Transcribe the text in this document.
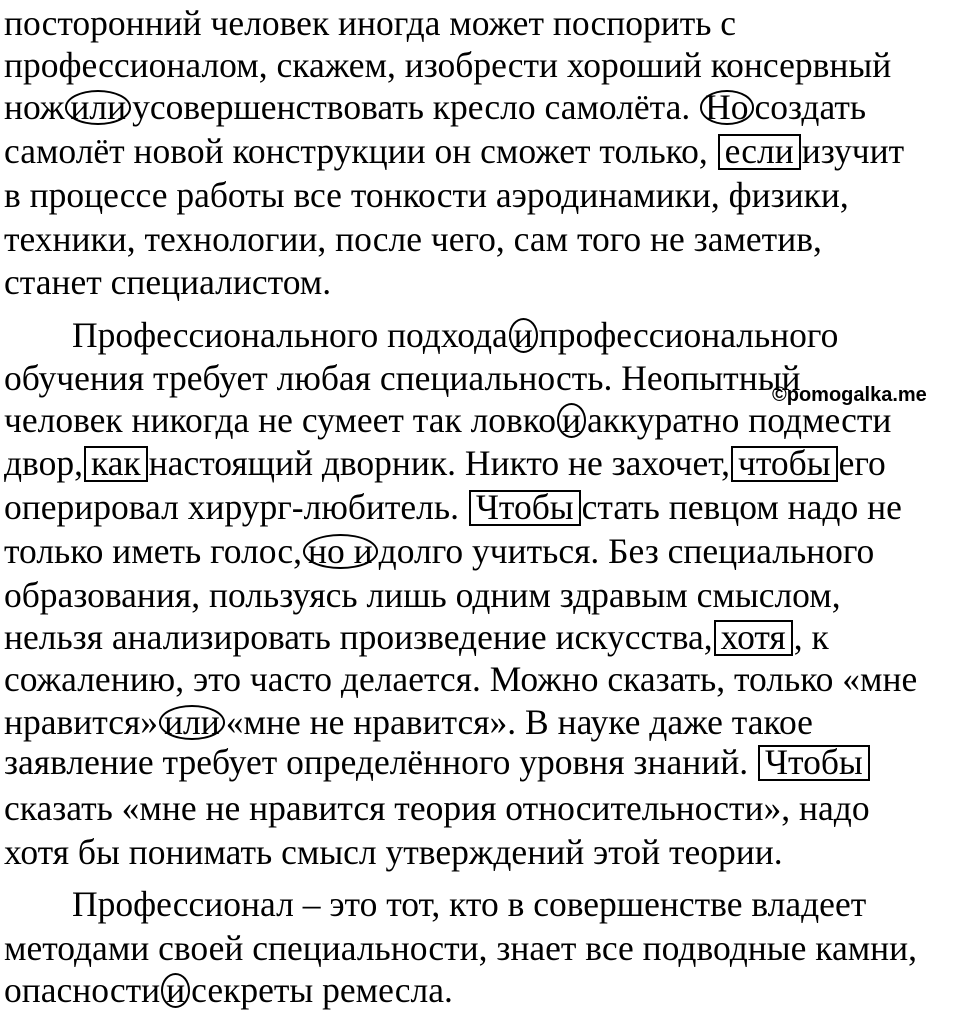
посторонний человек иногда может поспорить с
профессионалом, скажем, изобрести хороший консервный
нож или усовершенствовать кресло самолёта. Но создать
самолёт новой конструкции он сможет только, если изучит
в процессе работы все тонкости аэродинамики, физики,
техники, технологии, после чего, сам того не заметив,
станет специалистом.
Профессионального подхода и профессионального
обучения требует любая специальность. Неопытный
©pomogalka.me
человек никогда не сумеет так ловко и аккуратно подмести
двор, как настоящий дворник. Никто не захочет, чтобы его
оперировал хирург-любитель. Чтобы стать певцом надо не
только иметь голос, но и долго учиться. Без специального
образования, пользуясь лишь одним здравым смыслом,
нельзя анализировать произведение искусства, хотя , к
сожалению, это часто делается. Можно сказать, только «мне
нравится» или «мне не нравится». В науке даже такое
заявление требует определённого уровня знаний. Чтобы
сказать «мне не нравится теория относительности», надо
хотя бы понимать смысл утверждений этой теории.
Профессионал – это тот, кто в совершенстве владеет
методами своей специальности, знает все подводные камни,
опасности и секреты ремесла.
